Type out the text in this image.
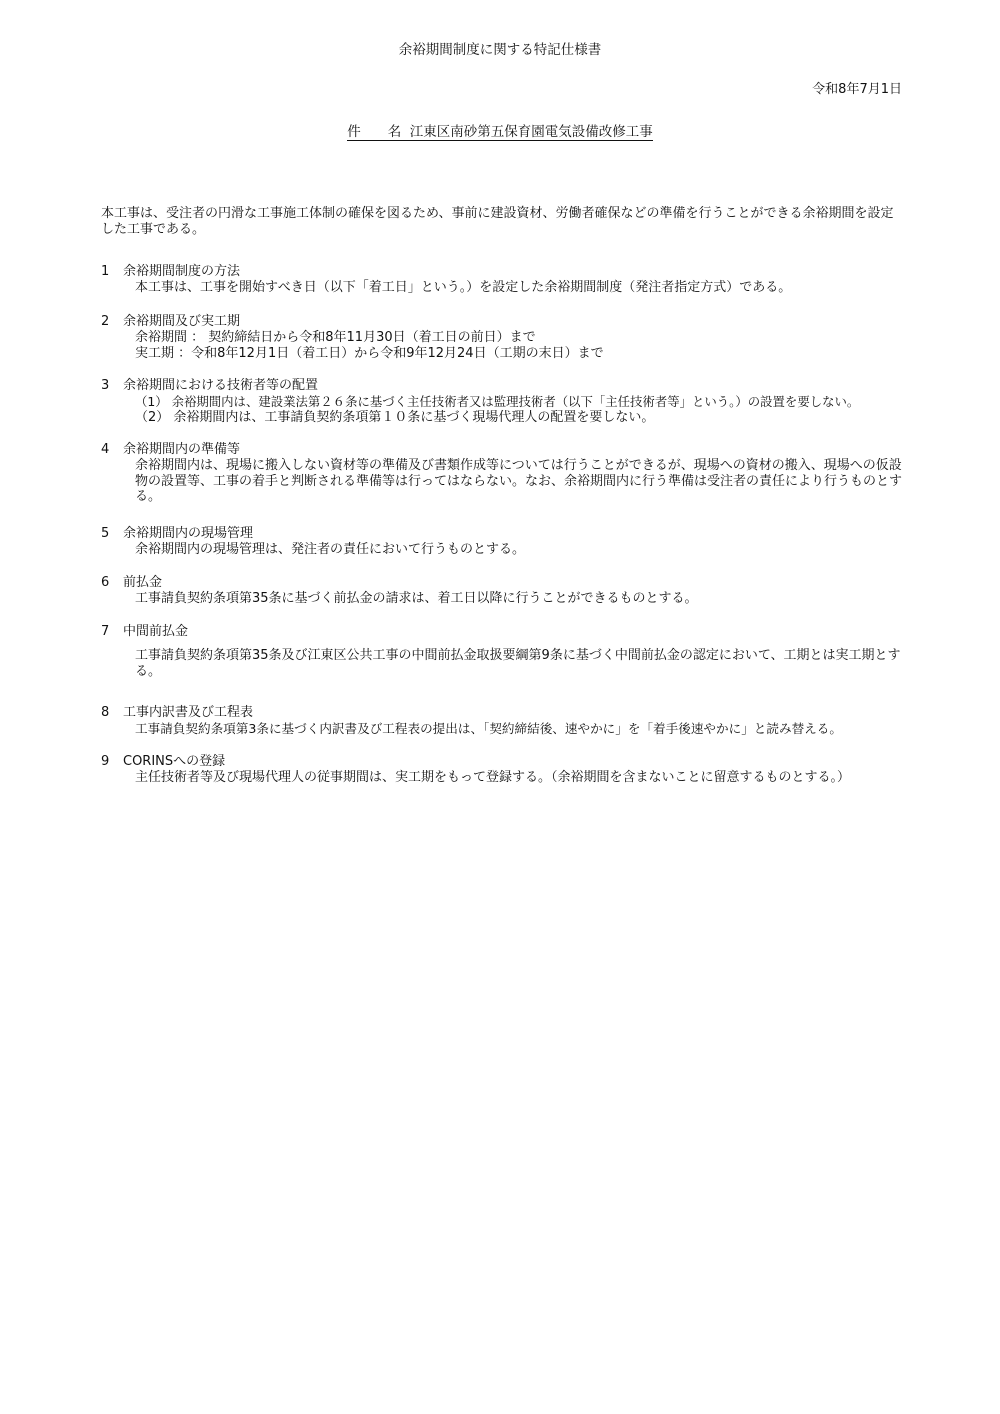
余裕期間制度に関する特記仕様書
令和8年7月1日
件　　名 江東区南砂第五保育園電気設備改修工事
本工事は、受注者の円滑な工事施工体制の確保を図るため、事前に建設資材、労働者確保などの準備を行うことができる余裕期間を設定した工事である。
1	余裕期間制度の方法
本工事は、工事を開始すべき日（以下「着工日」という。）を設定した余裕期間制度（発注者指定方式）である。
2	余裕期間及び実工期
余裕期間 ： 契約締結日から令和8年11月30日（着工日の前日）まで
実工期 ：令和8年12月1日（着工日）から令和9年12月24日（工期の末日）まで
3	余裕期間における技術者等の配置
（1） 余裕期間内は、建設業法第２６条に基づく主任技術者又は監理技術者（以下「主任技術者等」という。）の設置を要しない。
（2） 余裕期間内は、工事請負契約条項第１０条に基づく現場代理人の配置を要しない。
4	余裕期間内の準備等
余裕期間内は、現場に搬入しない資材等の準備及び書類作成等については行うことができるが、現場への資材の搬入、現場への仮設物の設置等、工事の着手と判断される準備等は行ってはならない。なお、余裕期間内に行う準備は受注者の責任により行うものとする。
5	余裕期間内の現場管理
余裕期間内の現場管理は、発注者の責任において行うものとする。
6	前払金
工事請負契約条項第35条に基づく前払金の請求は、着工日以降に行うことができるものとする。
7	中間前払金
工事請負契約条項第35条及び江東区公共工事の中間前払金取扱要綱第9条に基づく中間前払金の認定において、工期とは実工期とする。
8	工事内訳書及び工程表
工事請負契約条項第3条に基づく内訳書及び工程表の提出は、「契約締結後、速やかに」を「着手後速やかに」と読み替える。
9	CORINSへの登録
主任技術者等及び現場代理人の従事期間は、実工期をもって登録する。（余裕期間を含まないことに留意するものとする。）
